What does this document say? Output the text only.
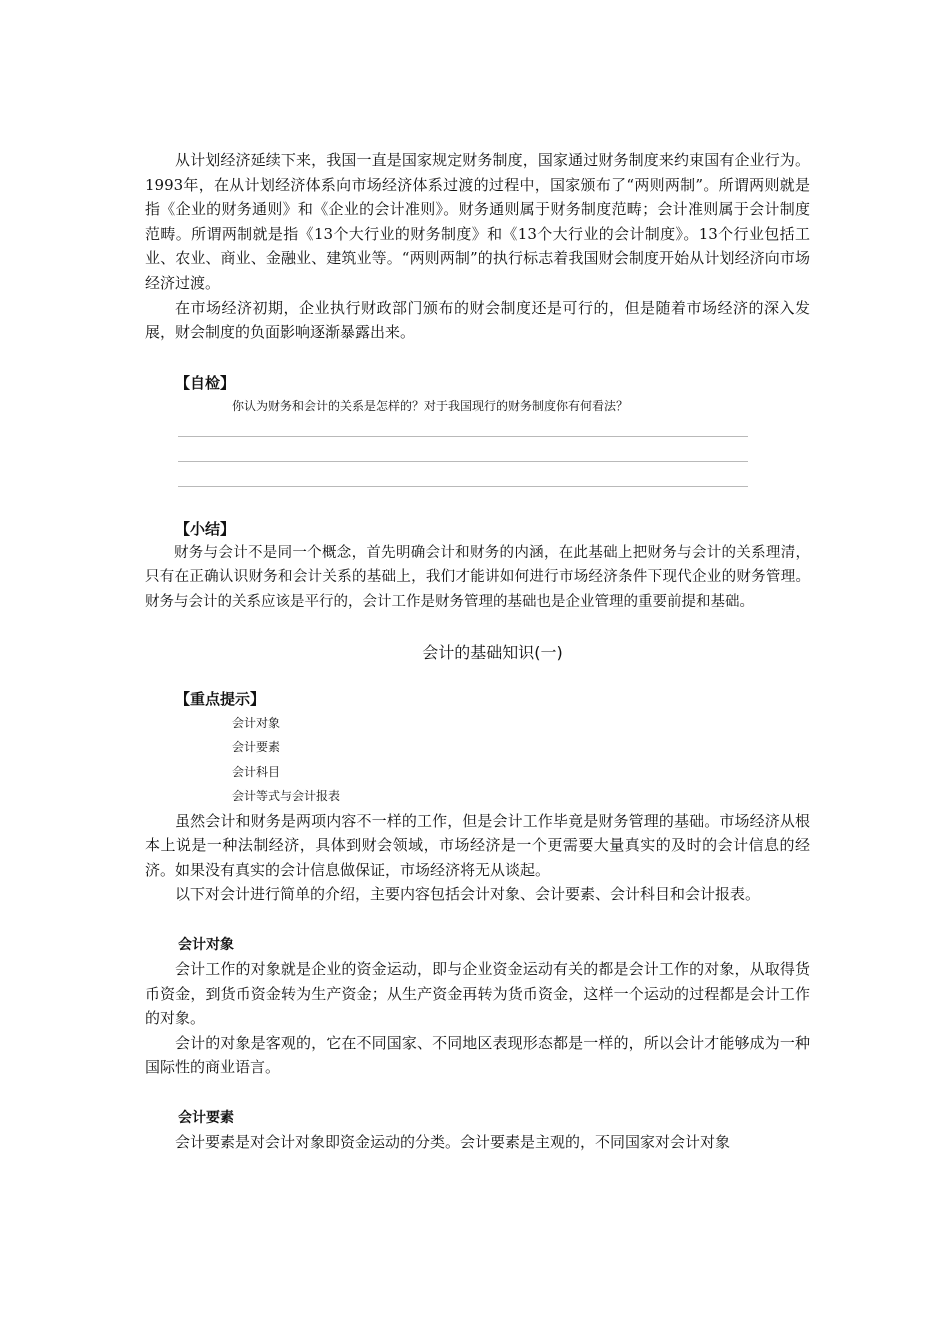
从计划经济延续下来，我国一直是国家规定财务制度，国家通过财务制度来约束国有企业行为。1993年，在从计划经济体系向市场经济体系过渡的过程中，国家颁布了“两则两制”。所谓两则就是指《企业的财务通则》和《企业的会计准则》。财务通则属于财务制度范畴；会计准则属于会计制度范畴。所谓两制就是指《13个大行业的财务制度》和《13个大行业的会计制度》。13个行业包括工业、农业、商业、金融业、建筑业等。“两则两制”的执行标志着我国财会制度开始从计划经济向市场经济过渡。

在市场经济初期，企业执行财政部门颁布的财会制度还是可行的，但是随着市场经济的深入发展，财会制度的负面影响逐渐暴露出来。

【自检】

你认为财务和会计的关系是怎样的？对于我国现行的财务制度你有何看法？

【小结】

财务与会计不是同一个概念，首先明确会计和财务的内涵，在此基础上把财务与会计的关系理清，只有在正确认识财务和会计关系的基础上，我们才能讲如何进行市场经济条件下现代企业的财务管理。财务与会计的关系应该是平行的，会计工作是财务管理的基础也是企业管理的重要前提和基础。

会计的基础知识(一)

【重点提示】

会计对象

会计要素

会计科目

会计等式与会计报表

虽然会计和财务是两项内容不一样的工作，但是会计工作毕竟是财务管理的基础。市场经济从根本上说是一种法制经济，具体到财会领域，市场经济是一个更需要大量真实的及时的会计信息的经济。如果没有真实的会计信息做保证，市场经济将无从谈起。

以下对会计进行简单的介绍，主要内容包括会计对象、会计要素、会计科目和会计报表。

会计对象

会计工作的对象就是企业的资金运动，即与企业资金运动有关的都是会计工作的对象，从取得货币资金，到货币资金转为生产资金；从生产资金再转为货币资金，这样一个运动的过程都是会计工作的对象。

会计的对象是客观的，它在不同国家、不同地区表现形态都是一样的，所以会计才能够成为一种国际性的商业语言。

会计要素

会计要素是对会计对象即资金运动的分类。会计要素是主观的，不同国家对会计对象
